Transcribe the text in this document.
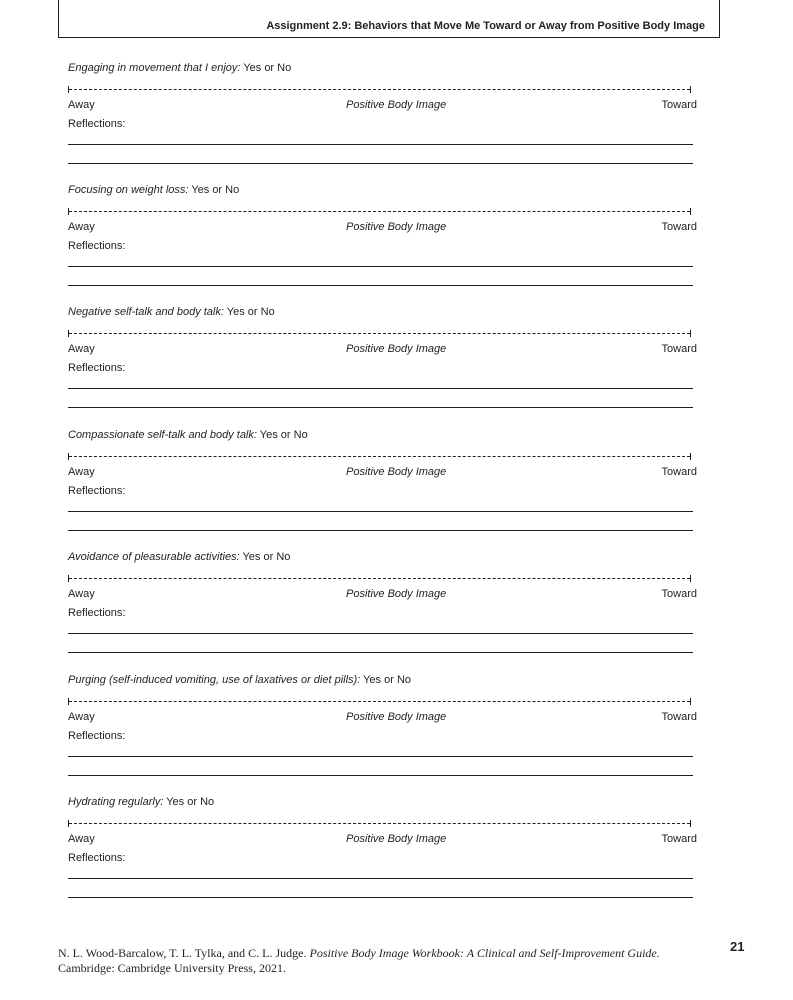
Assignment 2.9: Behaviors that Move Me Toward or Away from Positive Body Image
Engaging in movement that I enjoy: Yes or No
Away	Positive Body Image	Toward
Reflections:
Focusing on weight loss: Yes or No
Away	Positive Body Image	Toward
Reflections:
Negative self-talk and body talk: Yes or No
Away	Positive Body Image	Toward
Reflections:
Compassionate self-talk and body talk: Yes or No
Away	Positive Body Image	Toward
Reflections:
Avoidance of pleasurable activities: Yes or No
Away	Positive Body Image	Toward
Reflections:
Purging (self-induced vomiting, use of laxatives or diet pills): Yes or No
Away	Positive Body Image	Toward
Reflections:
Hydrating regularly: Yes or No
Away	Positive Body Image	Toward
Reflections:
N. L. Wood-Barcalow, T. L. Tylka, and C. L. Judge. Positive Body Image Workbook: A Clinical and Self-Improvement Guide.
Cambridge: Cambridge University Press, 2021.
21
